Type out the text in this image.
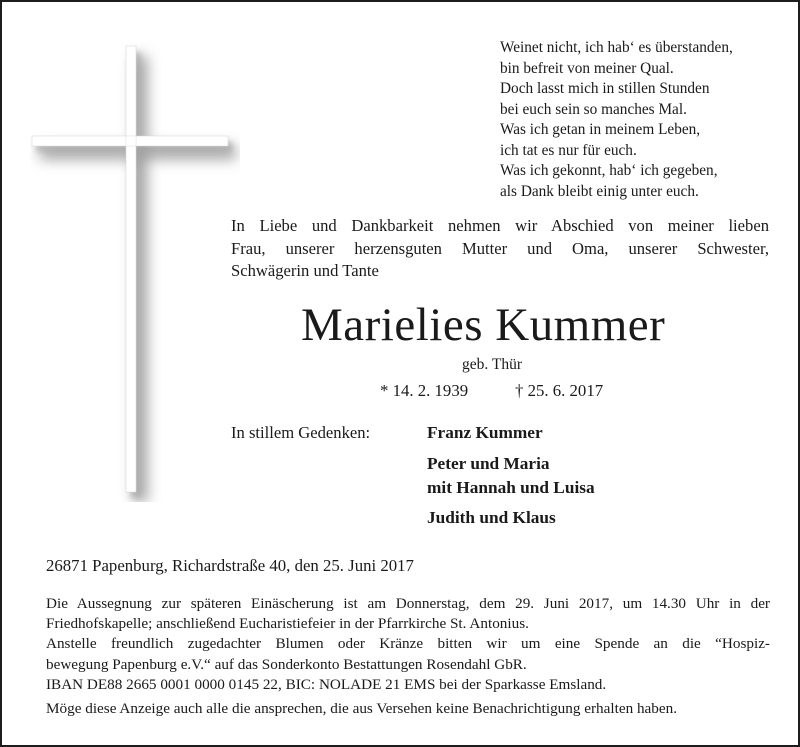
Weinet nicht, ich hab‘ es überstanden,
bin befreit von meiner Qual.
Doch lasst mich in stillen Stunden
bei euch sein so manches Mal.
Was ich getan in meinem Leben,
ich tat es nur für euch.
Was ich gekonnt, hab‘ ich gegeben,
als Dank bleibt einig unter euch.
In Liebe und Dankbarkeit nehmen wir Abschied von meiner lieben
Frau, unserer herzensguten Mutter und Oma, unserer Schwester,
Schwägerin und Tante
Marielies Kummer
geb. Thür
* 14. 2. 1939	† 25. 6. 2017
In stillem Gedenken:	Franz Kummer
Peter und Maria
mit Hannah und Luisa
Judith und Klaus
26871 Papenburg, Richardstraße 40, den 25. Juni 2017
Die Aussegnung zur späteren Einäscherung ist am Donnerstag, dem 29. Juni 2017, um 14.30 Uhr in der
Friedhofskapelle; anschließend Eucharistiefeier in der Pfarrkirche St. Antonius.
Anstelle freundlich zugedachter Blumen oder Kränze bitten wir um eine Spende an die “Hospiz-
bewegung Papenburg e.V.“ auf das Sonderkonto Bestattungen Rosendahl GbR.
IBAN DE88 2665 0001 0000 0145 22, BIC: NOLADE 21 EMS bei der Sparkasse Emsland.
Möge diese Anzeige auch alle die ansprechen, die aus Versehen keine Benachrichtigung erhalten haben.
